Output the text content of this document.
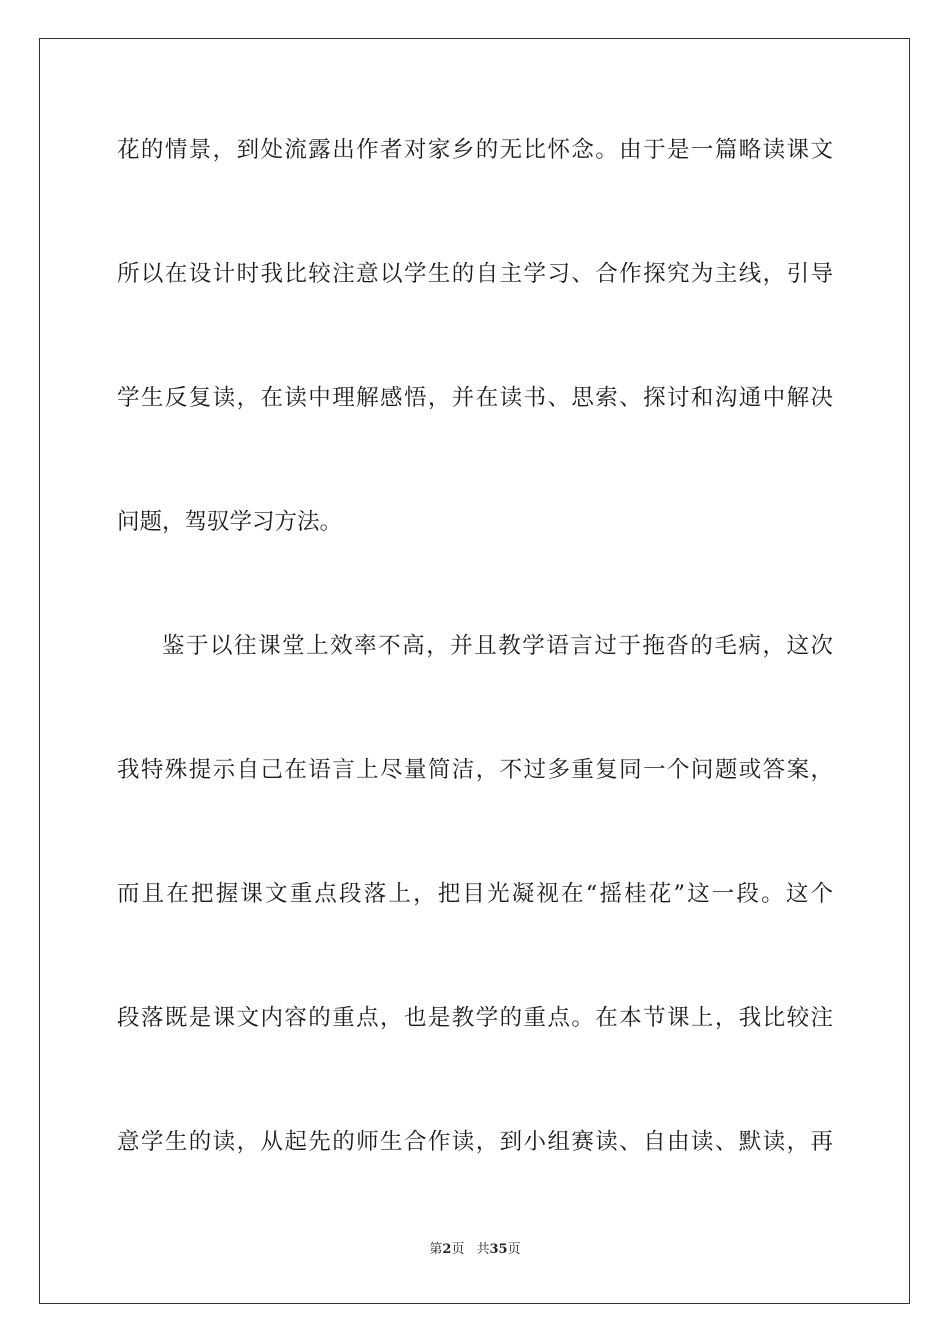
花的情景，到处流露出作者对家乡的无比怀念。由于是一篇略读课文
所以在设计时我比较注意以学生的自主学习、合作探究为主线，引导
学生反复读，在读中理解感悟，并在读书、思索、探讨和沟通中解决
问题，驾驭学习方法。
鉴于以往课堂上效率不高，并且教学语言过于拖沓的毛病，这次
我特殊提示自己在语言上尽量简洁，不过多重复同一个问题或答案，
而且在把握课文重点段落上，把目光凝视在“摇桂花”这一段。这个
段落既是课文内容的重点，也是教学的重点。在本节课上，我比较注
意学生的读，从起先的师生合作读，到小组赛读、自由读、默读，再
第2页 共35页
